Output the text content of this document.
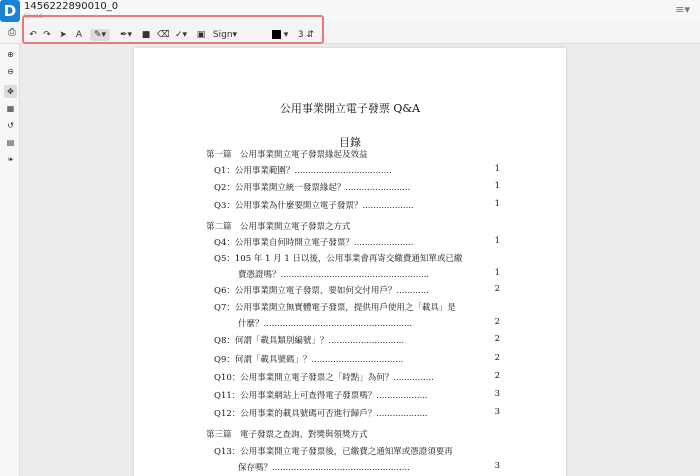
D 1456222890010_0
Saved
≡▾
⎙	↶ ↷ ➤ A	✎▾	✒▾	■ ⌫ ✓▾	▣ Sign▾	▾ 3 ⇵
⊕
⊖
✥
▦
↺
▤
❧
公用事業開立電子發票 Q&A
目錄
第一篇　公用事業開立電子發票緣起及效益
Q1：公用事業範圍？....................................	1
Q2：公用事業開立統一發票緣起？........................	1
Q3：公用事業為什麼要開立電子發票？...................	1
第二篇　公用事業開立電子發票之方式
Q4：公用事業自何時開立電子發票？......................	1
Q5：105 年 1 月 1 日以後，公用事業會再寄交繳費通知單或已繳
費憑證嗎？.......................................................	1
Q6：公用事業開立電子發票，要如何交付用戶？............	2
Q7：公用事業開立無實體電子發票，提供用戶使用之「載具」是
什麼？.......................................................	2
Q8：何謂「載具類別編號」？............................	2
Q9：何謂「載具號碼」？..................................	2
Q10：公用事業開立電子發票之「時點」為何？...............	2
Q11：公用事業網站上可查得電子發票嗎？...................	3
Q12：公用事業的載具號碼可否進行歸戶？...................	3
第三篇　電子發票之查詢、對獎與領獎方式
Q13：公用事業開立電子發票後，已繳費之通知單或憑證須要再
保存嗎？...................................................	3
